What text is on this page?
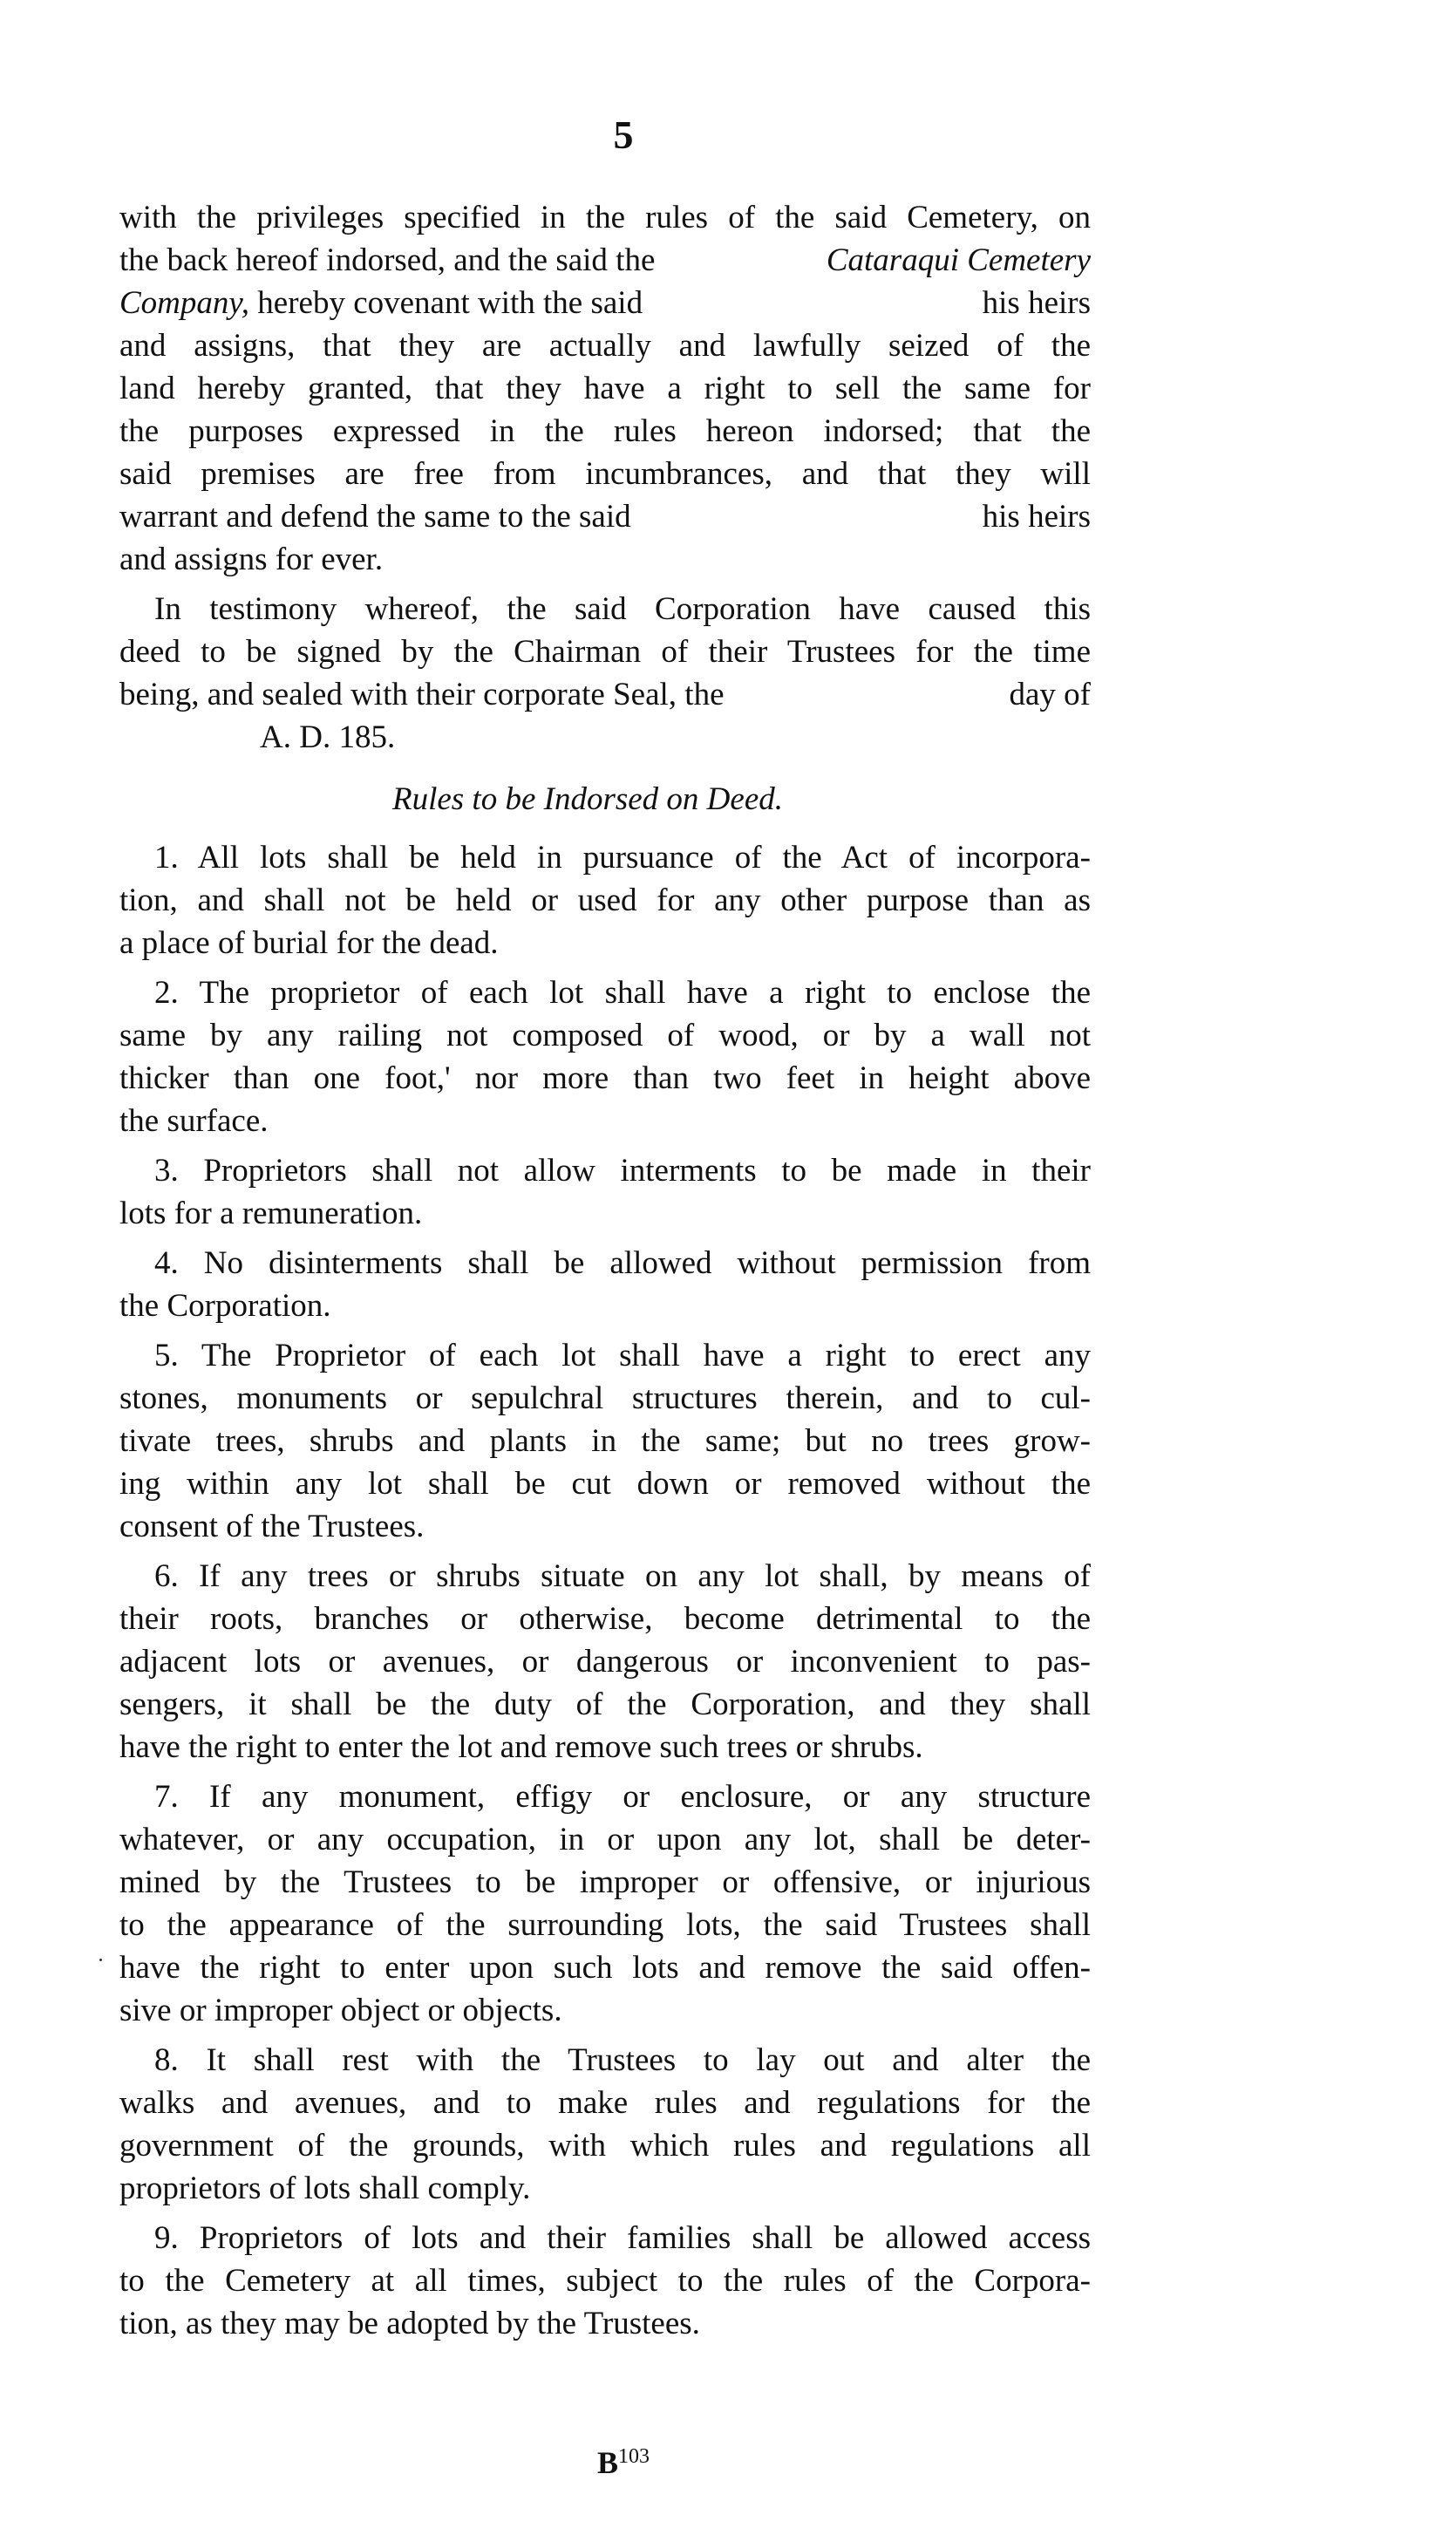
5
with the privileges specified in the rules of the said Cemetery, on
the back hereof indorsed, and the said the	Cataraqui Cemetery
Company, hereby covenant with the said	his heirs
and assigns, that they are actually and lawfully seized of the
land hereby granted, that they have a right to sell the same for
the purposes expressed in the rules hereon indorsed; that the
said premises are free from incumbrances, and that they will
warrant and defend the same to the said	his heirs
and assigns for ever.
In testimony whereof, the said Corporation have caused this
deed to be signed by the Chairman of their Trustees for the time
being, and sealed with their corporate Seal, the	day of
A. D. 185.
Rules to be Indorsed on Deed.
1. All lots shall be held in pursuance of the Act of incorpora-
tion, and shall not be held or used for any other purpose than as
a place of burial for the dead.
2. The proprietor of each lot shall have a right to enclose the
same by any railing not composed of wood, or by a wall not
thicker than one foot,' nor more than two feet in height above
the surface.
3. Proprietors shall not allow interments to be made in their
lots for a remuneration.
4. No disinterments shall be allowed without permission from
the Corporation.
5. The Proprietor of each lot shall have a right to erect any
stones, monuments or sepulchral structures therein, and to cul-
tivate trees, shrubs and plants in the same; but no trees grow-
ing within any lot shall be cut down or removed without the
consent of the Trustees.
6. If any trees or shrubs situate on any lot shall, by means of
their roots, branches or otherwise, become detrimental to the
adjacent lots or avenues, or dangerous or inconvenient to pas-
sengers, it shall be the duty of the Corporation, and they shall
have the right to enter the lot and remove such trees or shrubs.
7. If any monument, effigy or enclosure, or any structure
whatever, or any occupation, in or upon any lot, shall be deter-
mined by the Trustees to be improper or offensive, or injurious
to the appearance of the surrounding lots, the said Trustees shall
have the right to enter upon such lots and remove the said offen-
sive or improper object or objects.
8. It shall rest with the Trustees to lay out and alter the
walks and avenues, and to make rules and regulations for the
government of the grounds, with which rules and regulations all
proprietors of lots shall comply.
9. Proprietors of lots and their families shall be allowed access
to the Cemetery at all times, subject to the rules of the Corpora-
tion, as they may be adopted by the Trustees.
$B^{103}$
